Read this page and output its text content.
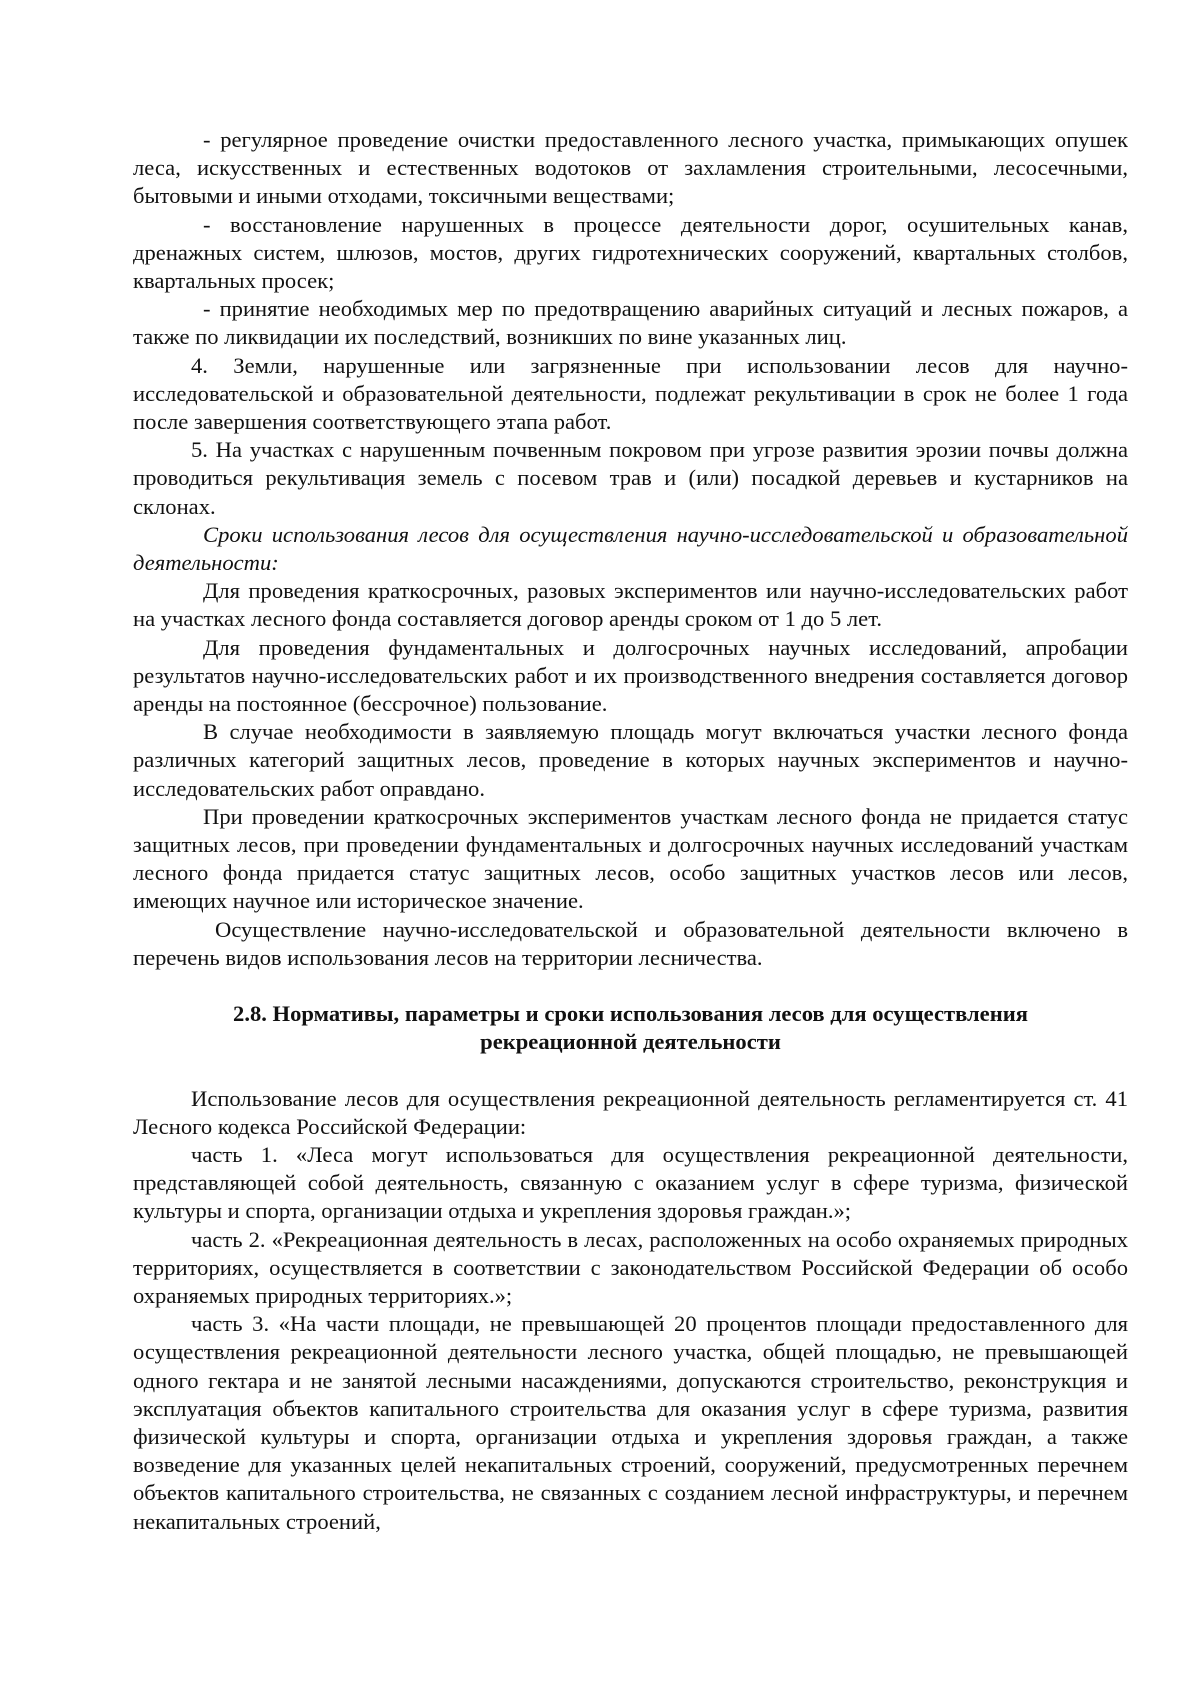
- регулярное проведение очистки предоставленного лесного участка, примыкающих опушек леса, искусственных и естественных водотоков от захламления строительными, лесосечными, бытовыми и иными отходами, токсичными веществами;

- восстановление нарушенных в процессе деятельности дорог, осушительных канав, дренажных систем, шлюзов, мостов, других гидротехнических сооружений, квартальных столбов, квартальных просек;

- принятие необходимых мер по предотвращению аварийных ситуаций и лесных пожаров, а также по ликвидации их последствий, возникших по вине указанных лиц.

4. Земли, нарушенные или загрязненные при использовании лесов для научно-исследовательской и образовательной деятельности, подлежат рекультивации в срок не более 1 года после завершения соответствующего этапа работ.

5. На участках с нарушенным почвенным покровом при угрозе развития эрозии почвы должна проводиться рекультивация земель с посевом трав и (или) посадкой деревьев и кустарников на склонах.

Сроки использования лесов для осуществления научно-исследовательской и образовательной деятельности:

Для проведения краткосрочных, разовых экспериментов или научно-исследовательских работ на участках лесного фонда составляется договор аренды сроком от 1 до 5 лет.

Для проведения фундаментальных и долгосрочных научных исследований, апробации результатов научно-исследовательских работ и их производственного внедрения составляется договор аренды на постоянное (бессрочное) пользование.

В случае необходимости в заявляемую площадь могут включаться участки лесного фонда различных категорий защитных лесов, проведение в которых научных экспериментов и научно-исследовательских работ оправдано.

При проведении краткосрочных экспериментов участкам лесного фонда не придается статус защитных лесов, при проведении фундаментальных и долгосрочных научных исследований участкам лесного фонда придается статус защитных лесов, особо защитных участков лесов или лесов, имеющих научное или историческое значение.

Осуществление научно-исследовательской и образовательной деятельности включено в перечень видов использования лесов на территории лесничества.

2.8. Нормативы, параметры и сроки использования лесов для осуществления рекреационной деятельности

Использование лесов для осуществления рекреационной деятельность регламентируется ст. 41 Лесного кодекса Российской Федерации:

часть 1. «Леса могут использоваться для осуществления рекреационной деятельности, представляющей собой деятельность, связанную с оказанием услуг в сфере туризма, физической культуры и спорта, организации отдыха и укрепления здоровья граждан.»;

часть 2. «Рекреационная деятельность в лесах, расположенных на особо охраняемых природных территориях, осуществляется в соответствии с законодательством Российской Федерации об особо охраняемых природных территориях.»;

часть 3. «На части площади, не превышающей 20 процентов площади предоставленного для осуществления рекреационной деятельности лесного участка, общей площадью, не превышающей одного гектара и не занятой лесными насаждениями, допускаются строительство, реконструкция и эксплуатация объектов капитального строительства для оказания услуг в сфере туризма, развития физической культуры и спорта, организации отдыха и укрепления здоровья граждан, а также возведение для указанных целей некапитальных строений, сооружений, предусмотренных перечнем объектов капитального строительства, не связанных с созданием лесной инфраструктуры, и перечнем некапитальных строений,
